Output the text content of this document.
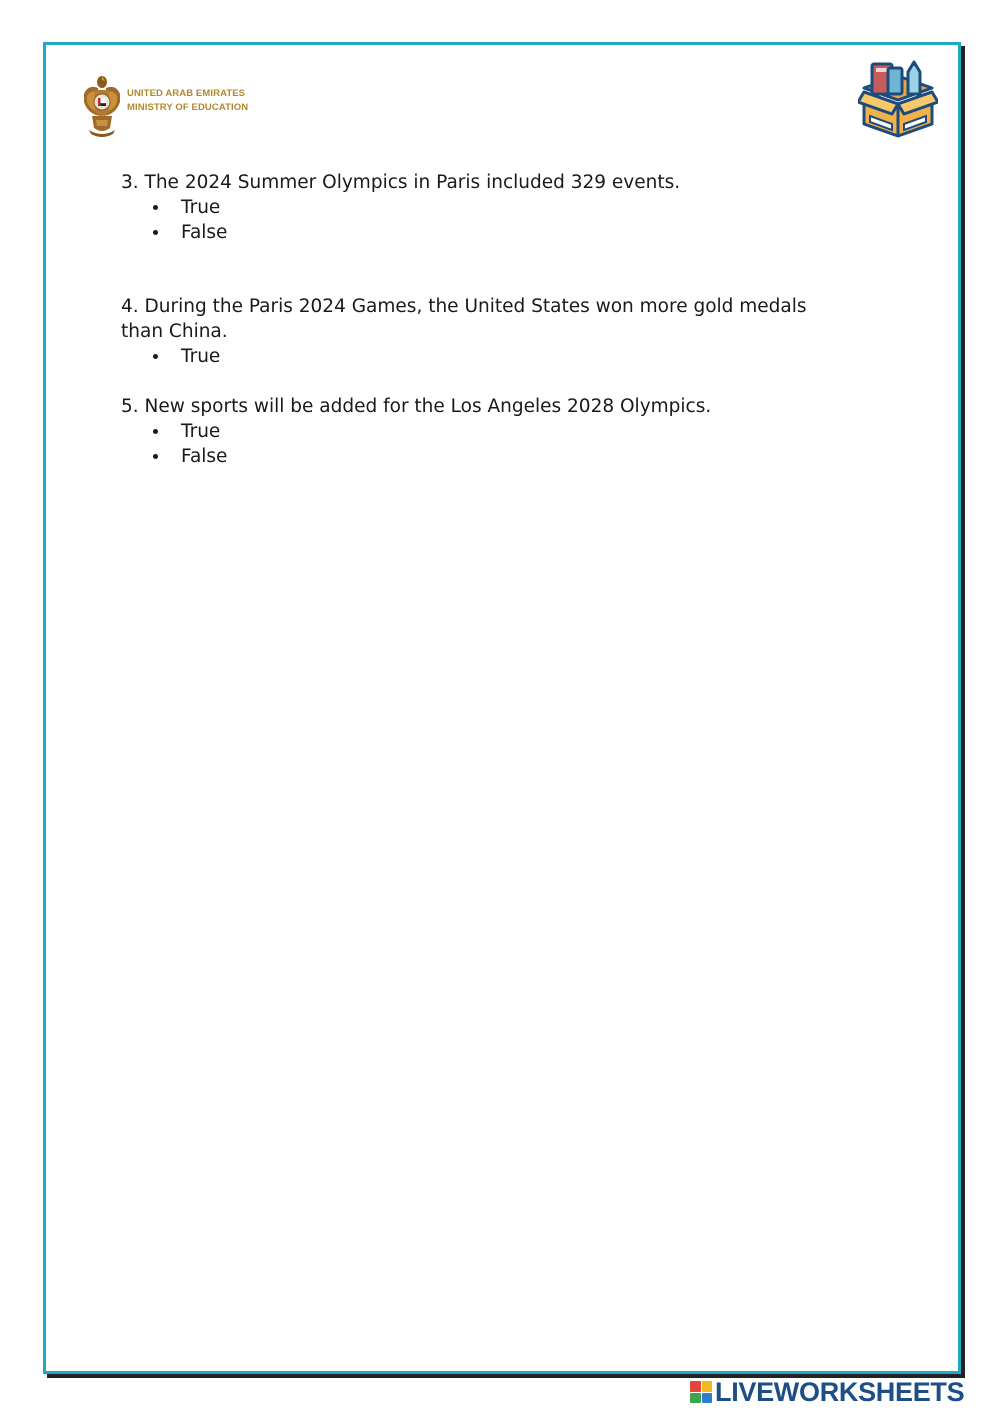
UNITED ARAB EMIRATES
MINISTRY OF EDUCATION

3. The 2024 Summer Olympics in Paris included 329 events.

True
False

4. During the Paris 2024 Games, the United States won more gold medals than China.

True

5. New sports will be added for the Los Angeles 2028 Olympics.

True
False
LIVEWORKSHEETS
